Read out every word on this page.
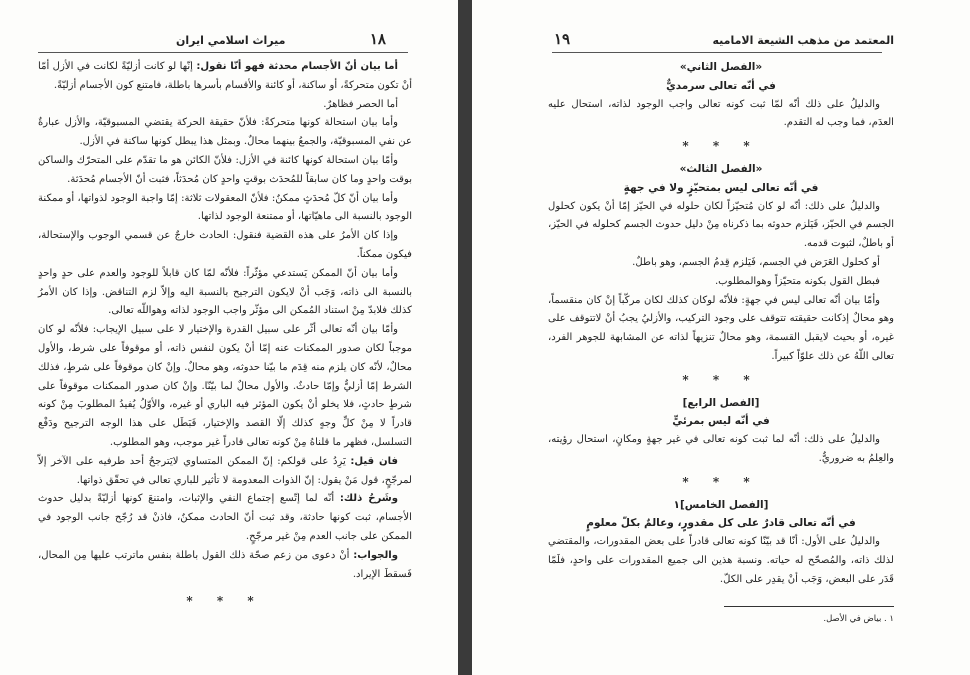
١٨
ميراث اسلامي ايران

أما بيان أنّ الأجسام محدثة فهو أنّا نقول: إنّها لو كانت أزليّةً لكانت في الأزل أمّا أنْ تكون متحركةً، أو ساكنة، أو كائنة والأقسام بأسرها باطلة، فامتنع كون الأجسام أزليّةً.

أما الحصر فظاهرٌ.

وأما بيان استحالة كونها متحركةً: فلأنّ حقيقة الحركة يقتضي المسبوقيّة، والأزل عبارةٌ عن نفي المسبوقيّة، والجمعُ بينهما محالٌ. وبمثل هذا يبطل كونها ساكنة في الأزل.

وأمّا بيان استحالة كونها كائنة في الأزل: فلأنّ الكائن هو ما تقدّم على المتحرّك والساكن بوقت واحدٍ وما كان سابقاً للمُحدَث بوقتٍ واحدٍ كان مُحدَثاً، فثبت أنّ الأجسام مُحدَثة.

وأما بيان أنّ كلّ مُحدَثٍ ممكنٌ: فلأنّ المعقولات ثلاثة: إمّا واجبة الوجود لذواتها، أو ممكنة الوجود بالنسبة الى ماهيّاتها، أو ممتنعة الوجود لذاتها.

وإذا كان الأمرُ على هذه القضية فنقول: الحادث خارجٌ عن قسمي الوجوب والإستحالة، فيكون ممكناً.

وأما بيان أنّ الممكن يَستدعي مؤثّراً: فلأنّه لمّا كان قابلاً للوجود والعدم على حدٍ واحدٍ بالنسبة الى ذاته، وَجَب أنْ لايكون الترجيح بالنسبة اليه وإلاّ لزم التناقض. وإذا كان الأمرُ كذلك فلابدّ مِنْ استناد المُمكن الى مؤثّر واجب الوجود لذاته وهواللّه تعالى.

وأمّا بيان أنّه تعالى أثّر على سبيل القدرة والإختيار لا على سبيل الإيجاب: فلأنّه لو كان موجباً لكان صدور الممكنات عنه إمّا أنْ يكون لنفس ذاته، أو موقوفاً على شرط، والأول محالٌ، لأنّه كان يلزم منه قِدَم ما بيّنا حدوثه، وهو محالٌ. وإنْ كان موقوفاً على شرطٍ، فذلك الشرط إمّا أزليٌّ وإمّا حادثٌ. والأول محالٌ لما بيّنّا. وإنْ كان صدور الممكنات موقوفاً على شرطٍ حادثٍ، فلا يخلو أنْ يكون المؤثر فيه الباري أو غيره، والأوّلُ يُفيدُ المطلوبَ مِنْ كونه قادراً لا مِنْ كلِّ وجهٍ كذلك إلّا القصد والإختيار، فَبَطَل على هذا الوجه الترجيح ودَفْع التسلسل، فظهر ما قلناهُ مِنْ كونه تعالى قادراً غير موجب، وهو المطلوب.

فان قيل: يَرِدُ على قولكم: إنّ الممكن المتساوي لايَترجحُ أحد طرفيه على الآخر إلاّ لمرجّحٍ، قول مَنْ يقول: إنّ الذوات المعدومة لا تأثير للباري تعالى في تحقّق ذواتها.

وشَرحُ ذلك: أنّه لما إتّسع إجتماع النفي والإثبات، وامتنعَ كونها أزليّةً بدليل حدوث الأجسام، ثبت كونها حادثة، وقد ثبت أنّ الحادث ممكنٌ، فاذنْ قد رُجّح جانب الوجود في الممكن على جانب العدم مِنْ غير مرجّحٍ.

والجواب: أنْ دعوى من زعم صحّة ذلك القول باطلة بنفس ماترتب عليها مِن المحال، فَسقطَ الإيراد.

* * *

١٩	المعتمد من مذهب الشيعة الاماميه

«الفصل الثاني»

في أنّه تعالى سرمديٌّ

والدليلُ على ذلك أنّه لمّا ثبت كونه تعالى واجب الوجود لذاته، استحال عليه العدَم، فما وجب له التقدم.

* * *

«الفصل الثالث»

في أنّه تعالى ليس بمتحيّزٍ ولا في جهةٍ

والدليلُ على ذلك: أنّه لو كان مُتحيّزاً لكان حلوله في الحيّز إمّا أنْ يكون كحلول الجسم في الحيّز، فَيَلزم حدوثه بما ذكرناه مِنْ دليل حدوث الجسم كحلوله في الحيّز، أو باطلٌ، لثبوت قدمه.

أو كحلول العَرَض في الجسم، فَيَلزم قِدمُ الجسم، وهو باطلٌ.

فبطل القول بكونه متحيّزاً وهوالمطلوب.

وأمّا بيان أنّه تعالى ليس في جهةٍ: فلأنّه لوكان كذلك لكان مركّباً إنْ كان منقسماً، وهو محالٌ إذكانت حقيقته تتوقف على وجود التركيب، والأزليُ يجبُ أنْ لاتتوقف على غيره، أو بحيث لايقبل القسمة، وهو محالٌ تنزيهاً لذاته عن المشابهة للجوهر الفرد، تعالى اللّهُ عن ذلك علوّاً كبيراً.

* * *

[الفصل الرابع]

في أنّه ليس بمرئيٍّ

والدليلُ على ذلك: أنّه لما ثبت كونه تعالى في غير جهةٍ ومكانٍ، استحال رؤيته، والعِلمُ به ضروريٌّ.

* * *

[الفصل الخامس]١

في أنّه تعالى قادرٌ على كل مقدورٍ، وعالمٌ بكلّ معلومٍ

والدليلُ على الأول: أنّا قد بيّنّا كونه تعالى قادراً على بعض المقدورات، والمقتضي لذلك ذاته، والمُصحّح له حياته. ونسبة هذين الى جميع المقدورات على واحدٍ، فلَمّا قَدَر على البعض، وَجَب أنْ يقدِر على الكلّ.

١ . بياض في الأصل.
